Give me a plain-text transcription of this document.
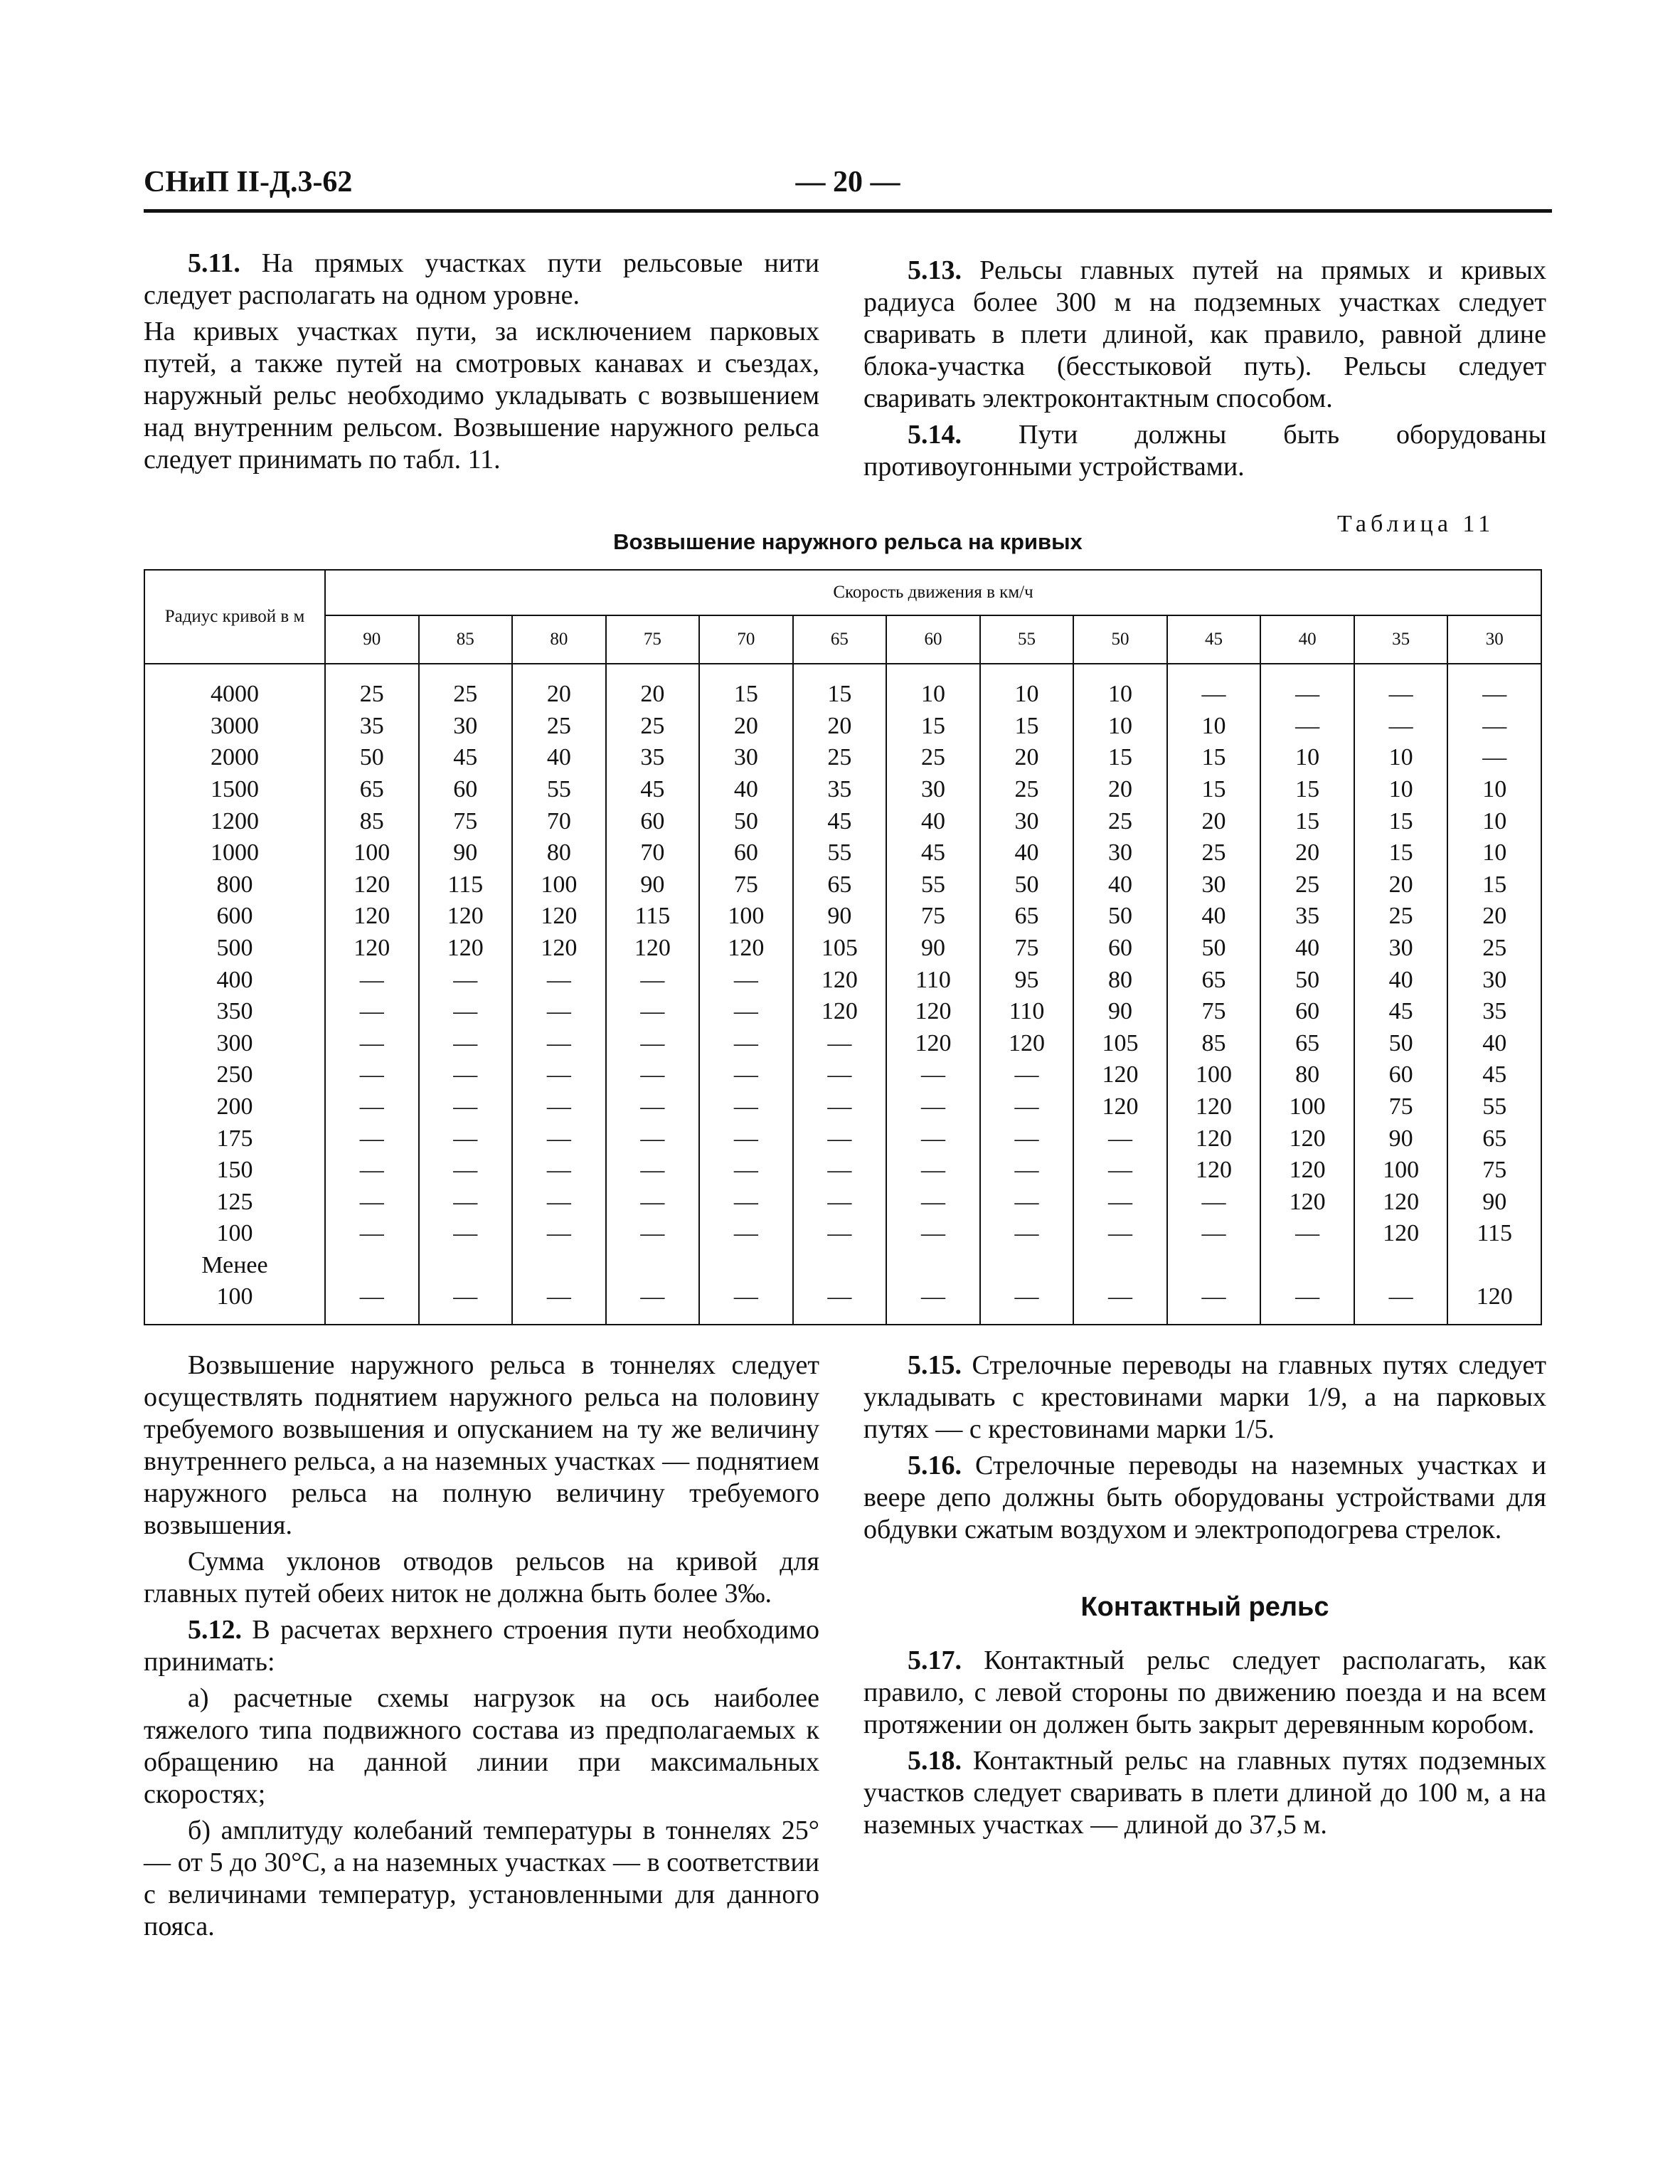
СНиП II-Д.3-62	— 20 —

5.11. На прямых участках пути рельсовые нити следует располагать на одном уровне.

На кривых участках пути, за исключением парковых путей, а также путей на смотровых канавах и съездах, наружный рельс необходимо укладывать с возвышением над внутренним рельсом. Возвышение наружного рельса следует принимать по табл. 11.

5.13. Рельсы главных путей на прямых и кривых радиуса более 300 м на подземных участках следует сваривать в плети длиной, как правило, равной длине блока-участка (бесстыковой путь). Рельсы следует сваривать электроконтактным способом.

5.14. Пути должны быть оборудованы противоугонными устройствами.

Таблица 11
Возвышение наружного рельса на кривых
Радиус кривой в м	Скорость движения в км/ч												
	90	85	80	75	70	65	60	55	50	45	40	35	30
4000	25	25	20	20	15	15	10	10	10	—	—	—	—
3000	35	30	25	25	20	20	15	15	10	10	—	—	—
2000	50	45	40	35	30	25	25	20	15	15	10	10	—
1500	65	60	55	45	40	35	30	25	20	15	15	10	10
1200	85	75	70	60	50	45	40	30	25	20	15	15	10
1000	100	90	80	70	60	55	45	40	30	25	20	15	10
800	120	115	100	90	75	65	55	50	40	30	25	20	15
600	120	120	120	115	100	90	75	65	50	40	35	25	20
500	120	120	120	120	120	105	90	75	60	50	40	30	25
400	—	—	—	—	—	120	110	95	80	65	50	40	30
350	—	—	—	—	—	120	120	110	90	75	60	45	35
300	—	—	—	—	—	—	120	120	105	85	65	50	40
250	—	—	—	—	—	—	—	—	120	100	80	60	45
200	—	—	—	—	—	—	—	—	120	120	100	75	55
175	—	—	—	—	—	—	—	—	—	120	120	90	65
150	—	—	—	—	—	—	—	—	—	120	120	100	75
125	—	—	—	—	—	—	—	—	—	—	120	120	90
100	—	—	—	—	—	—	—	—	—	—	—	120	115
Менее													
100	—	—	—	—	—	—	—	—	—	—	—	—	120

Возвышение наружного рельса в тоннелях следует осуществлять поднятием наружного рельса на половину требуемого возвышения и опусканием на ту же величину внутреннего рельса, а на наземных участках — поднятием наружного рельса на полную величину требуемого возвышения.

Сумма уклонов отводов рельсов на кривой для главных путей обеих ниток не должна быть более 3‰.

5.12. В расчетах верхнего строения пути необходимо принимать:

а) расчетные схемы нагрузок на ось наиболее тяжелого типа подвижного состава из предполагаемых к обращению на данной линии при максимальных скоростях;

б) амплитуду колебаний температуры в тоннелях 25° — от 5 до 30°С, а на наземных участках — в соответствии с величинами температур, установленными для данного пояса.

5.15. Стрелочные переводы на главных путях следует укладывать с крестовинами марки 1/9, а на парковых путях — с крестовинами марки 1/5.

5.16. Стрелочные переводы на наземных участках и веере депо должны быть оборудованы устройствами для обдувки сжатым воздухом и электроподогрева стрелок.

Контактный рельс

5.17. Контактный рельс следует располагать, как правило, с левой стороны по движению поезда и на всем протяжении он должен быть закрыт деревянным коробом.

5.18. Контактный рельс на главных путях подземных участков следует сваривать в плети длиной до 100 м, а на наземных участках — длиной до 37,5 м.
